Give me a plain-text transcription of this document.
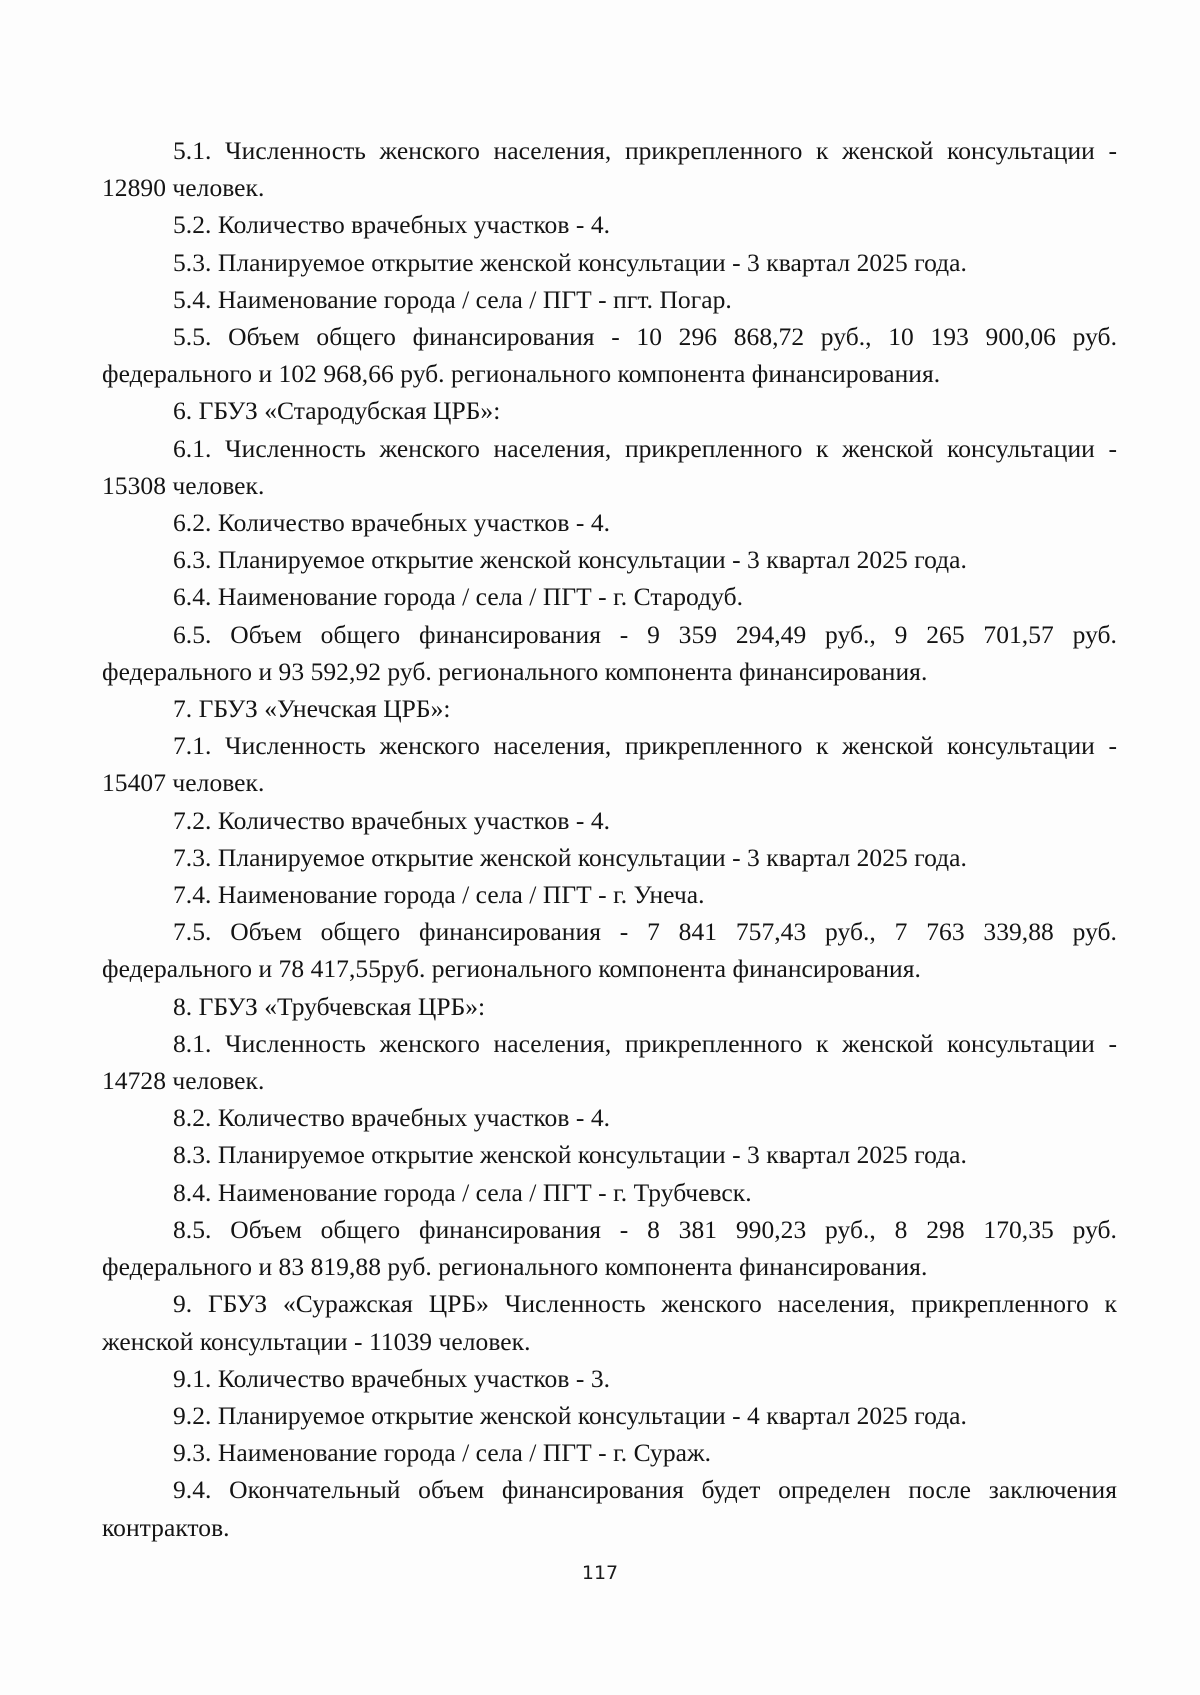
5.1. Численность женского населения, прикрепленного к женской консультации - 12890 человек.

5.2. Количество врачебных участков - 4.

5.3. Планируемое открытие женской консультации - 3 квартал 2025 года.

5.4. Наименование города / села / ПГТ - пгт. Погар.

5.5. Объем общего финансирования - 10 296 868,72 руб., 10 193 900,06 руб. федерального и 102 968,66 руб. регионального компонента финансирования.

6. ГБУЗ «Стародубская ЦРБ»:

6.1. Численность женского населения, прикрепленного к женской консультации - 15308 человек.

6.2. Количество врачебных участков - 4.

6.3. Планируемое открытие женской консультации - 3 квартал 2025 года.

6.4. Наименование города / села / ПГТ - г. Стародуб.

6.5. Объем общего финансирования - 9 359 294,49 руб., 9 265 701,57 руб. федерального и 93 592,92 руб. регионального компонента финансирования.

7. ГБУЗ «Унечская ЦРБ»:

7.1. Численность женского населения, прикрепленного к женской консультации - 15407 человек.

7.2. Количество врачебных участков - 4.

7.3. Планируемое открытие женской консультации - 3 квартал 2025 года.

7.4. Наименование города / села / ПГТ - г. Унеча.

7.5. Объем общего финансирования - 7 841 757,43 руб., 7 763 339,88 руб. федерального и 78 417,55руб. регионального компонента финансирования.

8. ГБУЗ «Трубчевская ЦРБ»:

8.1. Численность женского населения, прикрепленного к женской консультации - 14728 человек.

8.2. Количество врачебных участков - 4.

8.3. Планируемое открытие женской консультации - 3 квартал 2025 года.

8.4. Наименование города / села / ПГТ - г. Трубчевск.

8.5. Объем общего финансирования - 8 381 990,23 руб., 8 298 170,35 руб. федерального и 83 819,88 руб. регионального компонента финансирования.

9. ГБУЗ «Суражская ЦРБ» Численность женского населения, прикрепленного к женской консультации - 11039 человек.

9.1. Количество врачебных участков - 3.

9.2. Планируемое открытие женской консультации - 4 квартал 2025 года.

9.3. Наименование города / села / ПГТ - г. Сураж.

9.4. Окончательный объем финансирования будет определен после заключения контрактов.

117
